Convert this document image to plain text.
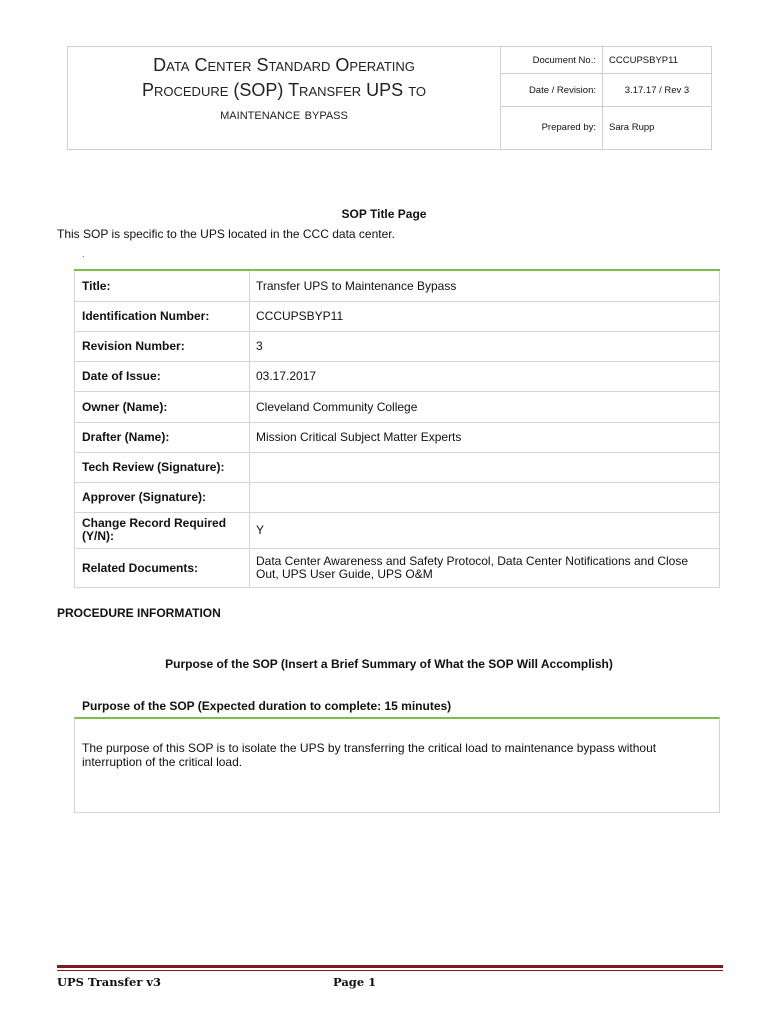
Data Center Standard Operating
Procedure (SOP) Transfer UPS to
maintenance bypass
Document No.:	CCCUPSBYP11
Date / Revision:	3.17.17 / Rev 3
Prepared by:	Sara Rupp
SOP Title Page
This SOP is specific to the UPS located in the CCC data center.
.
Title:	Transfer UPS to Maintenance Bypass
Identification Number:	CCCUPSBYP11
Revision Number:	3
Date of Issue:	03.17.2017
Owner (Name):	Cleveland Community College
Drafter (Name):	Mission Critical Subject Matter Experts
Tech Review (Signature):	
Approver (Signature):	
Change Record Required (Y/N):	Y
Related Documents:	Data Center Awareness and Safety Protocol, Data Center Notifications and Close Out, UPS User Guide, UPS O&M
PROCEDURE INFORMATION
Purpose of the SOP (Insert a Brief Summary of What the SOP Will Accomplish)
Purpose of the SOP (Expected duration to complete: 15 minutes)
The purpose of this SOP is to isolate the UPS by transferring the critical load to maintenance bypass without interruption of the critical load.
UPS Transfer v3	Page 1
